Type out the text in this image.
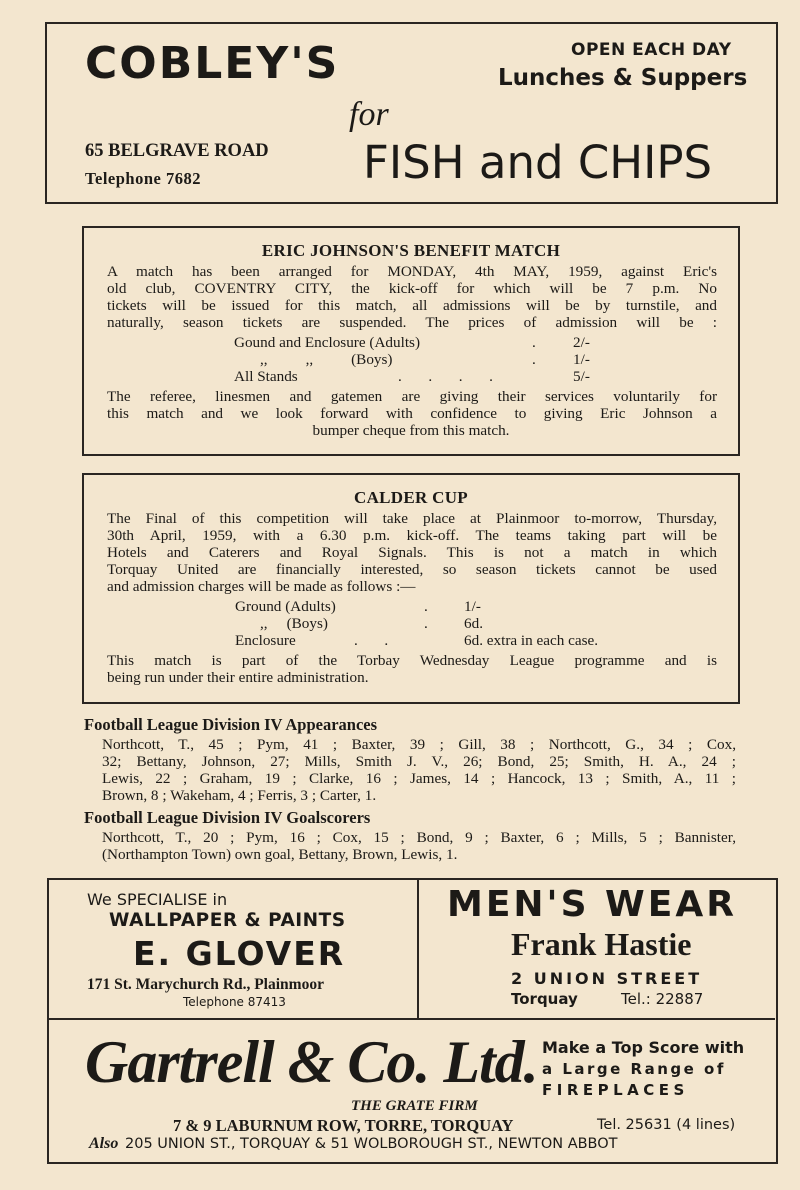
COBLEY'S	OPEN EACH DAY
Lunches & Suppers
for
65 BELGRAVE ROAD
Telephone 7682	FISH and CHIPS
ERIC JOHNSON'S BENEFIT MATCH
A match has been arranged for MONDAY, 4th MAY, 1959, against Eric's
old club, COVENTRY CITY, the kick-off for which will be 7 p.m. No
tickets will be issued for this match, all admissions will be by turnstile, and
naturally, season tickets are suspended. The prices of admission will be :
Gound and Enclosure (Adults)	. 2/-
,,          ,,          (Boys)	. 1/-
All Stands	.       .       .       .	5/-
The referee, linesmen and gatemen are giving their services voluntarily for
this match and we look forward with confidence to giving Eric Johnson a
bumper cheque from this match.
CALDER CUP
The Final of this competition will take place at Plainmoor to-morrow, Thursday,
30th April, 1959, with a 6.30 p.m. kick-off. The teams taking part will be
Hotels and Caterers and Royal Signals. This is not a match in which
Torquay United are financially interested, so season tickets cannot be used
and admission charges will be made as follows :—
Ground (Adults)	. 1/-
,,     (Boys)	. 6d.
Enclosure	.       .	6d. extra in each case.
This match is part of the Torbay Wednesday League programme and is
being run under their entire administration.
Football League Division IV Appearances
Northcott, T., 45 ; Pym, 41 ; Baxter, 39 ; Gill, 38 ; Northcott, G., 34 ; Cox,
32; Bettany, Johnson, 27; Mills, Smith J. V., 26; Bond, 25; Smith, H. A., 24 ;
Lewis, 22 ; Graham, 19 ; Clarke, 16 ; James, 14 ; Hancock, 13 ; Smith, A., 11 ;
Brown, 8 ; Wakeham, 4 ; Ferris, 3 ; Carter, 1.
Football League Division IV Goalscorers
Northcott, T., 20 ; Pym, 16 ; Cox, 15 ; Bond, 9 ; Baxter, 6 ; Mills, 5 ; Bannister,
(Northampton Town) own goal, Bettany, Brown, Lewis, 1.
We SPECIALISE in
WALLPAPER & PAINTS
E. GLOVER
171 St. Marychurch Rd., Plainmoor
Telephone 87413
MEN'S WEAR
Frank Hastie
2 UNION STREET
Torquay	Tel.: 22887
Gartrell & Co. Ltd. Make a Top Score with
a Large Range of
FIREPLACES
THE GRATE FIRM
7 & 9 LABURNUM ROW, TORRE, TORQUAY	Tel. 25631 (4 lines)
Also 205 UNION ST., TORQUAY & 51 WOLBOROUGH ST., NEWTON ABBOT
